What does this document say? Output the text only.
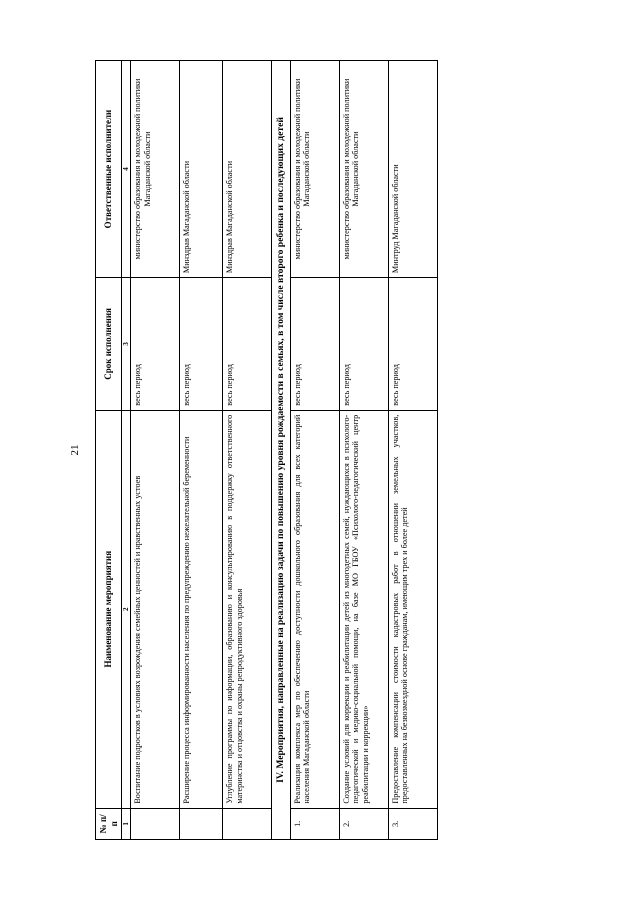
21
№ п/п	Наименование мероприятия	Срок исполнения	Ответственные исполнители
1	2	3	4
	Воспитание подростков в условиях возрождения семейных ценностей и нравственных устоев	весь период	министерство образования и молодежной политики Магаданской области
	Расширение процесса информированности населения по предупреждению нежелательной беременности	весь период	Минздрав Магаданской области
	Углубление программы по информации, образованию и консультированию в поддержку ответственного материнства и отцовства и охраны репродуктивного здоровья	весь период	Минздрав Магаданской области
IV. Мероприятия, направленные на реализацию задачи по повышению уровня рождаемости в семьях, в том числе второго ребенка и последующих детей			
1.	Реализация комплекса мер по обеспечению доступности дошкольного образования для всех категорий населения Магаданской области	весь период	министерство образования и молодежной политики Магаданской области
2.	Создание условий для коррекции и реабилитации детей из многодетных семей, нуждающихся в психолого-педагогической и медико-социальной помощи, на базе МО ГБОУ «Психолого-педагогический центр реабилитации и коррекции»	весь период	министерство образования и молодежной политики Магаданской области
3.	Предоставление компенсации стоимости кадастровых работ в отношении земельных участков, предоставленных на безвозмездной основе гражданам, имеющим трех и более детей	весь период	Минтруд Магаданской области
